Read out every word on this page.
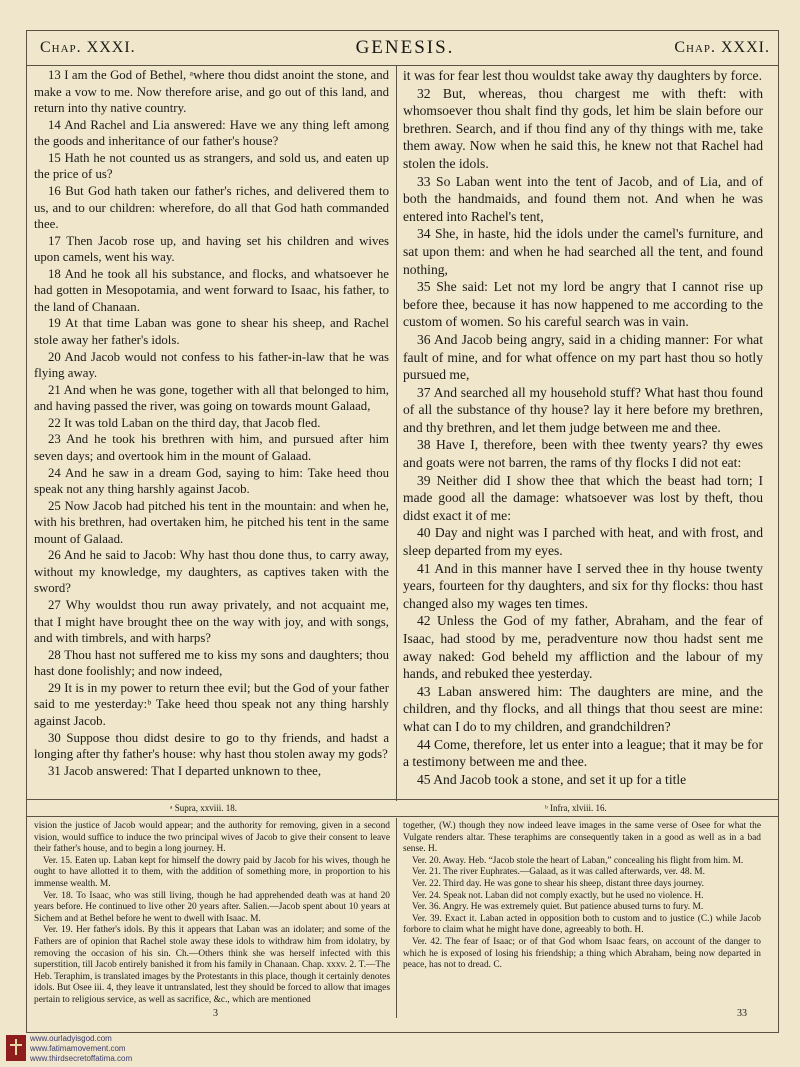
Chap. XXXI.	GENESIS.	Chap. XXXI.

13 I am the God of Bethel, ᵃwhere thou didst anoint the stone, and make a vow to me. Now therefore arise, and go out of this land, and return into thy native country.

14 And Rachel and Lia answered: Have we any thing left among the goods and inheritance of our father's house?

15 Hath he not counted us as strangers, and sold us, and eaten up the price of us?

16 But God hath taken our father's riches, and delivered them to us, and to our children: wherefore, do all that God hath commanded thee.

17 Then Jacob rose up, and having set his children and wives upon camels, went his way.

18 And he took all his substance, and flocks, and whatsoever he had gotten in Mesopotamia, and went forward to Isaac, his father, to the land of Chanaan.

19 At that time Laban was gone to shear his sheep, and Rachel stole away her father's idols.

20 And Jacob would not confess to his father-in-law that he was flying away.

21 And when he was gone, together with all that belonged to him, and having passed the river, was going on towards mount Galaad,

22 It was told Laban on the third day, that Jacob fled.

23 And he took his brethren with him, and pursued after him seven days; and overtook him in the mount of Galaad.

24 And he saw in a dream God, saying to him: Take heed thou speak not any thing harshly against Jacob.

25 Now Jacob had pitched his tent in the mountain: and when he, with his brethren, had overtaken him, he pitched his tent in the same mount of Galaad.

26 And he said to Jacob: Why hast thou done thus, to carry away, without my knowledge, my daughters, as captives taken with the sword?

27 Why wouldst thou run away privately, and not acquaint me, that I might have brought thee on the way with joy, and with songs, and with timbrels, and with harps?

28 Thou hast not suffered me to kiss my sons and daughters; thou hast done foolishly; and now indeed,

29 It is in my power to return thee evil; but the God of your father said to me yesterday:ᵇ Take heed thou speak not any thing harshly against Jacob.

30 Suppose thou didst desire to go to thy friends, and hadst a longing after thy father's house: why hast thou stolen away my gods?

31 Jacob answered: That I departed unknown to thee,

it was for fear lest thou wouldst take away thy daughters by force.

32 But, whereas, thou chargest me with theft: with whomsoever thou shalt find thy gods, let him be slain before our brethren. Search, and if thou find any of thy things with me, take them away. Now when he said this, he knew not that Rachel had stolen the idols.

33 So Laban went into the tent of Jacob, and of Lia, and of both the handmaids, and found them not. And when he was entered into Rachel's tent,

34 She, in haste, hid the idols under the camel's furniture, and sat upon them: and when he had searched all the tent, and found nothing,

35 She said: Let not my lord be angry that I cannot rise up before thee, because it has now happened to me according to the custom of women. So his careful search was in vain.

36 And Jacob being angry, said in a chiding manner: For what fault of mine, and for what offence on my part hast thou so hotly pursued me,

37 And searched all my household stuff? What hast thou found of all the substance of thy house? lay it here before my brethren, and thy brethren, and let them judge between me and thee.

38 Have I, therefore, been with thee twenty years? thy ewes and goats were not barren, the rams of thy flocks I did not eat:

39 Neither did I show thee that which the beast had torn; I made good all the damage: whatsoever was lost by theft, thou didst exact it of me:

40 Day and night was I parched with heat, and with frost, and sleep departed from my eyes.

41 And in this manner have I served thee in thy house twenty years, fourteen for thy daughters, and six for thy flocks: thou hast changed also my wages ten times.

42 Unless the God of my father, Abraham, and the fear of Isaac, had stood by me, peradventure now thou hadst sent me away naked: God beheld my affliction and the labour of my hands, and rebuked thee yesterday.

43 Laban answered him: The daughters are mine, and the children, and thy flocks, and all things that thou seest are mine: what can I do to my children, and grandchildren?

44 Come, therefore, let us enter into a league; that it may be for a testimony between me and thee.

45 And Jacob took a stone, and set it up for a title

ᵃ Supra, xxviii. 18.	ᵇ Infra, xlviii. 16.

vision the justice of Jacob would appear; and the authority for removing, given in a second vision, would suffice to induce the two principal wives of Jacob to give their consent to leave their father's house, and to begin a long journey. H.

Ver. 15. Eaten up. Laban kept for himself the dowry paid by Jacob for his wives, though he ought to have allotted it to them, with the addition of something more, in proportion to his immense wealth. M.

Ver. 18. To Isaac, who was still living, though he had apprehended death was at hand 20 years before. He continued to live other 20 years after. Salien.—Jacob spent about 10 years at Sichem and at Bethel before he went to dwell with Isaac. M.

Ver. 19. Her father's idols. By this it appears that Laban was an idolater; and some of the Fathers are of opinion that Rachel stole away these idols to withdraw him from idolatry, by removing the occasion of his sin. Ch.—Others think she was herself infected with this superstition, till Jacob entirely banished it from his family in Chanaan. Chap. xxxv. 2. T.—The Heb. Teraphim, is translated images by the Protestants in this place, though it certainly denotes idols. But Osee iii. 4, they leave it untranslated, lest they should be forced to allow that images pertain to religious service, as well as sacrifice, &c., which are mentioned

together, (W.) though they now indeed leave images in the same verse of Osee for what the Vulgate renders altar. These teraphims are consequently taken in a good as well as in a bad sense. H.

Ver. 20. Away. Heb. “Jacob stole the heart of Laban,” concealing his flight from him. M.

Ver. 21. The river Euphrates.—Galaad, as it was called afterwards, ver. 48. M.

Ver. 22. Third day. He was gone to shear his sheep, distant three days journey.

Ver. 24. Speak not. Laban did not comply exactly, but he used no violence. H.

Ver. 36. Angry. He was extremely quiet. But patience abused turns to fury. M.

Ver. 39. Exact it. Laban acted in opposition both to custom and to justice (C.) while Jacob forbore to claim what he might have done, agreeably to both. H.

Ver. 42. The fear of Isaac; or of that God whom Isaac fears, on account of the danger to which he is exposed of losing his friendship; a thing which Abraham, being now departed in peace, has not to dread. C.

3	33
www.ourladyisgod.com
www.fatimamovement.com
www.thirdsecretoffatima.com
